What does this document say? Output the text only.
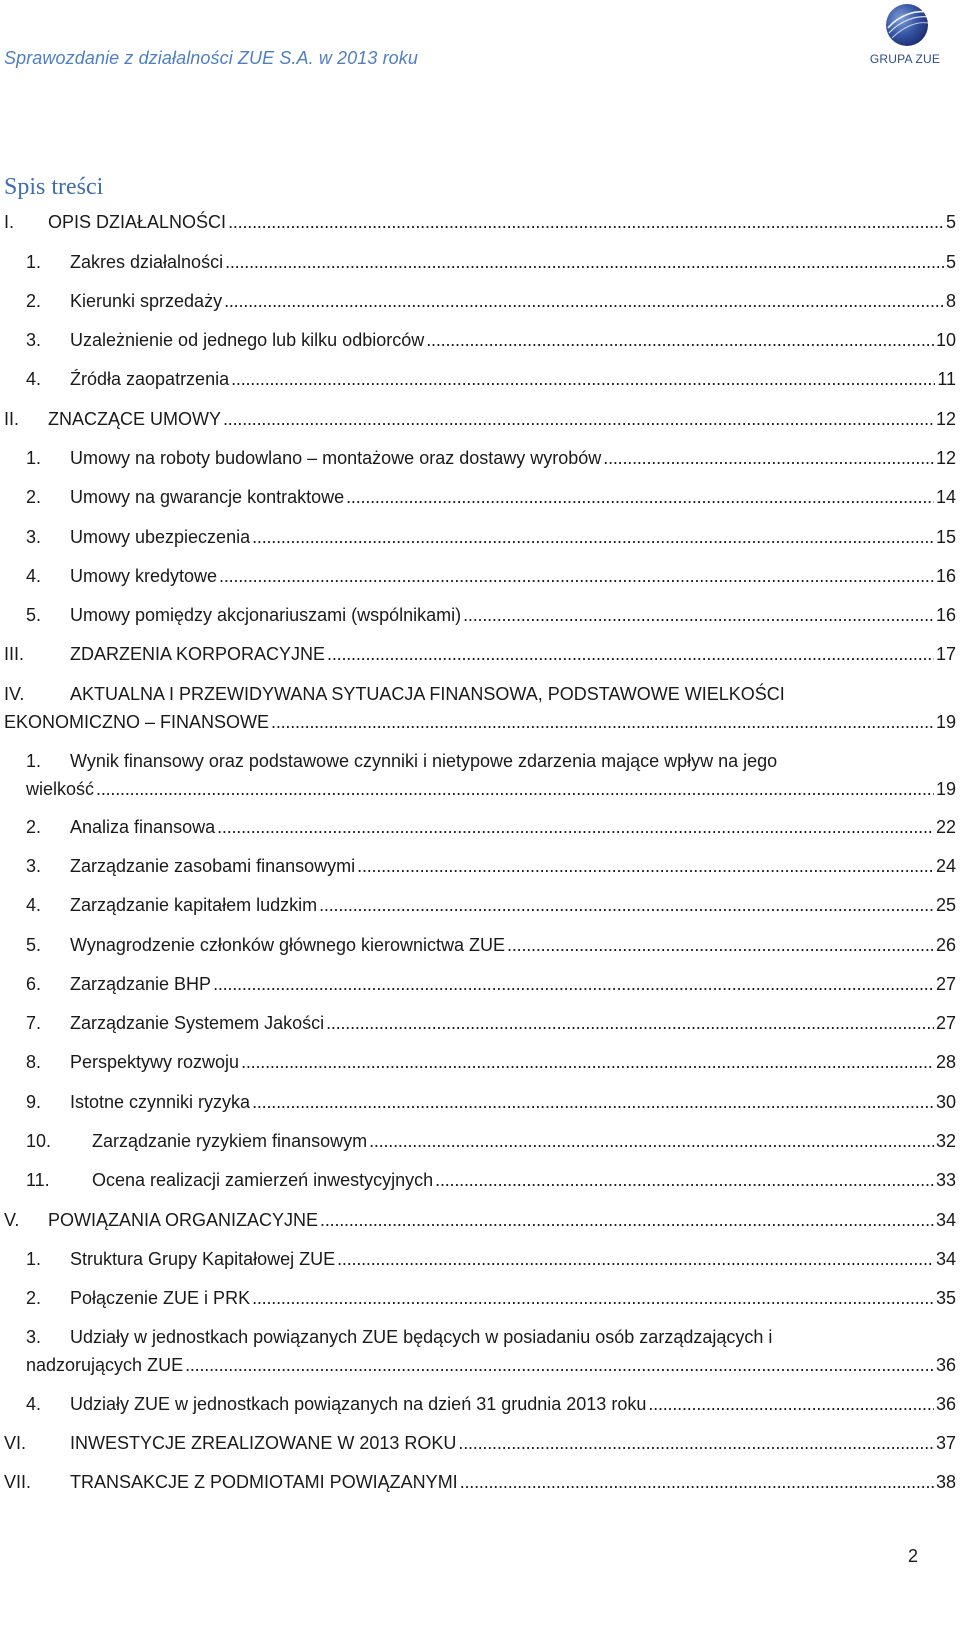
Sprawozdanie z działalności ZUE S.A. w 2013 roku	GRUPA ZUE
Spis treści
I. OPIS DZIAŁALNOŚCI . . .	5
1. Zakres działalności . . .	5
2. Kierunki sprzedaży . . .	8
3. Uzależnienie od jednego lub kilku odbiorców . . .	10
4. Źródła zaopatrzenia . . .	11
II. ZNACZĄCE UMOWY . . .	12
1. Umowy na roboty budowlano – montażowe oraz dostawy wyrobów . . .	12
2. Umowy na gwarancje kontraktowe . . .	14
3. Umowy ubezpieczenia . . .	15
4. Umowy kredytowe . . .	16
5. Umowy pomiędzy akcjonariuszami (wspólnikami) . . .	16
III.	ZDARZENIA KORPORACYJNE . . .	17
IV.	AKTUALNA I PRZEWIDYWANA SYTUACJA FINANSOWA, PODSTAWOWE WIELKOŚCI
EKONOMICZNO – FINANSOWE . . .	19
1. Wynik finansowy oraz podstawowe czynniki i nietypowe zdarzenia mające wpływ na jego
wielkość . . .	19
2. Analiza finansowa . . .	22
3. Zarządzanie zasobami finansowymi . . .	24
4. Zarządzanie kapitałem ludzkim . . .	25
5. Wynagrodzenie członków głównego kierownictwa ZUE . . .	26
6. Zarządzanie BHP . . .	27
7. Zarządzanie Systemem Jakości . . .	27
8. Perspektywy rozwoju . . .	28
9. Istotne czynniki ryzyka . . .	30
10. Zarządzanie ryzykiem finansowym . . .	32
11. Ocena realizacji zamierzeń inwestycyjnych . . .	33
V. POWIĄZANIA ORGANIZACYJNE . . .	34
1. Struktura Grupy Kapitałowej ZUE . . .	34
2. Połączenie ZUE i PRK . . .	35
3. Udziały w jednostkach powiązanych ZUE będących w posiadaniu osób zarządzających i
nadzorujących ZUE . . .	36
4. Udziały ZUE w jednostkach powiązanych na dzień 31 grudnia 2013 roku . . .	36
VI. INWESTYCJE ZREALIZOWANE W 2013 ROKU . . .	37
VII. TRANSAKCJE Z PODMIOTAMI POWIĄZANYMI . . .	38
2
